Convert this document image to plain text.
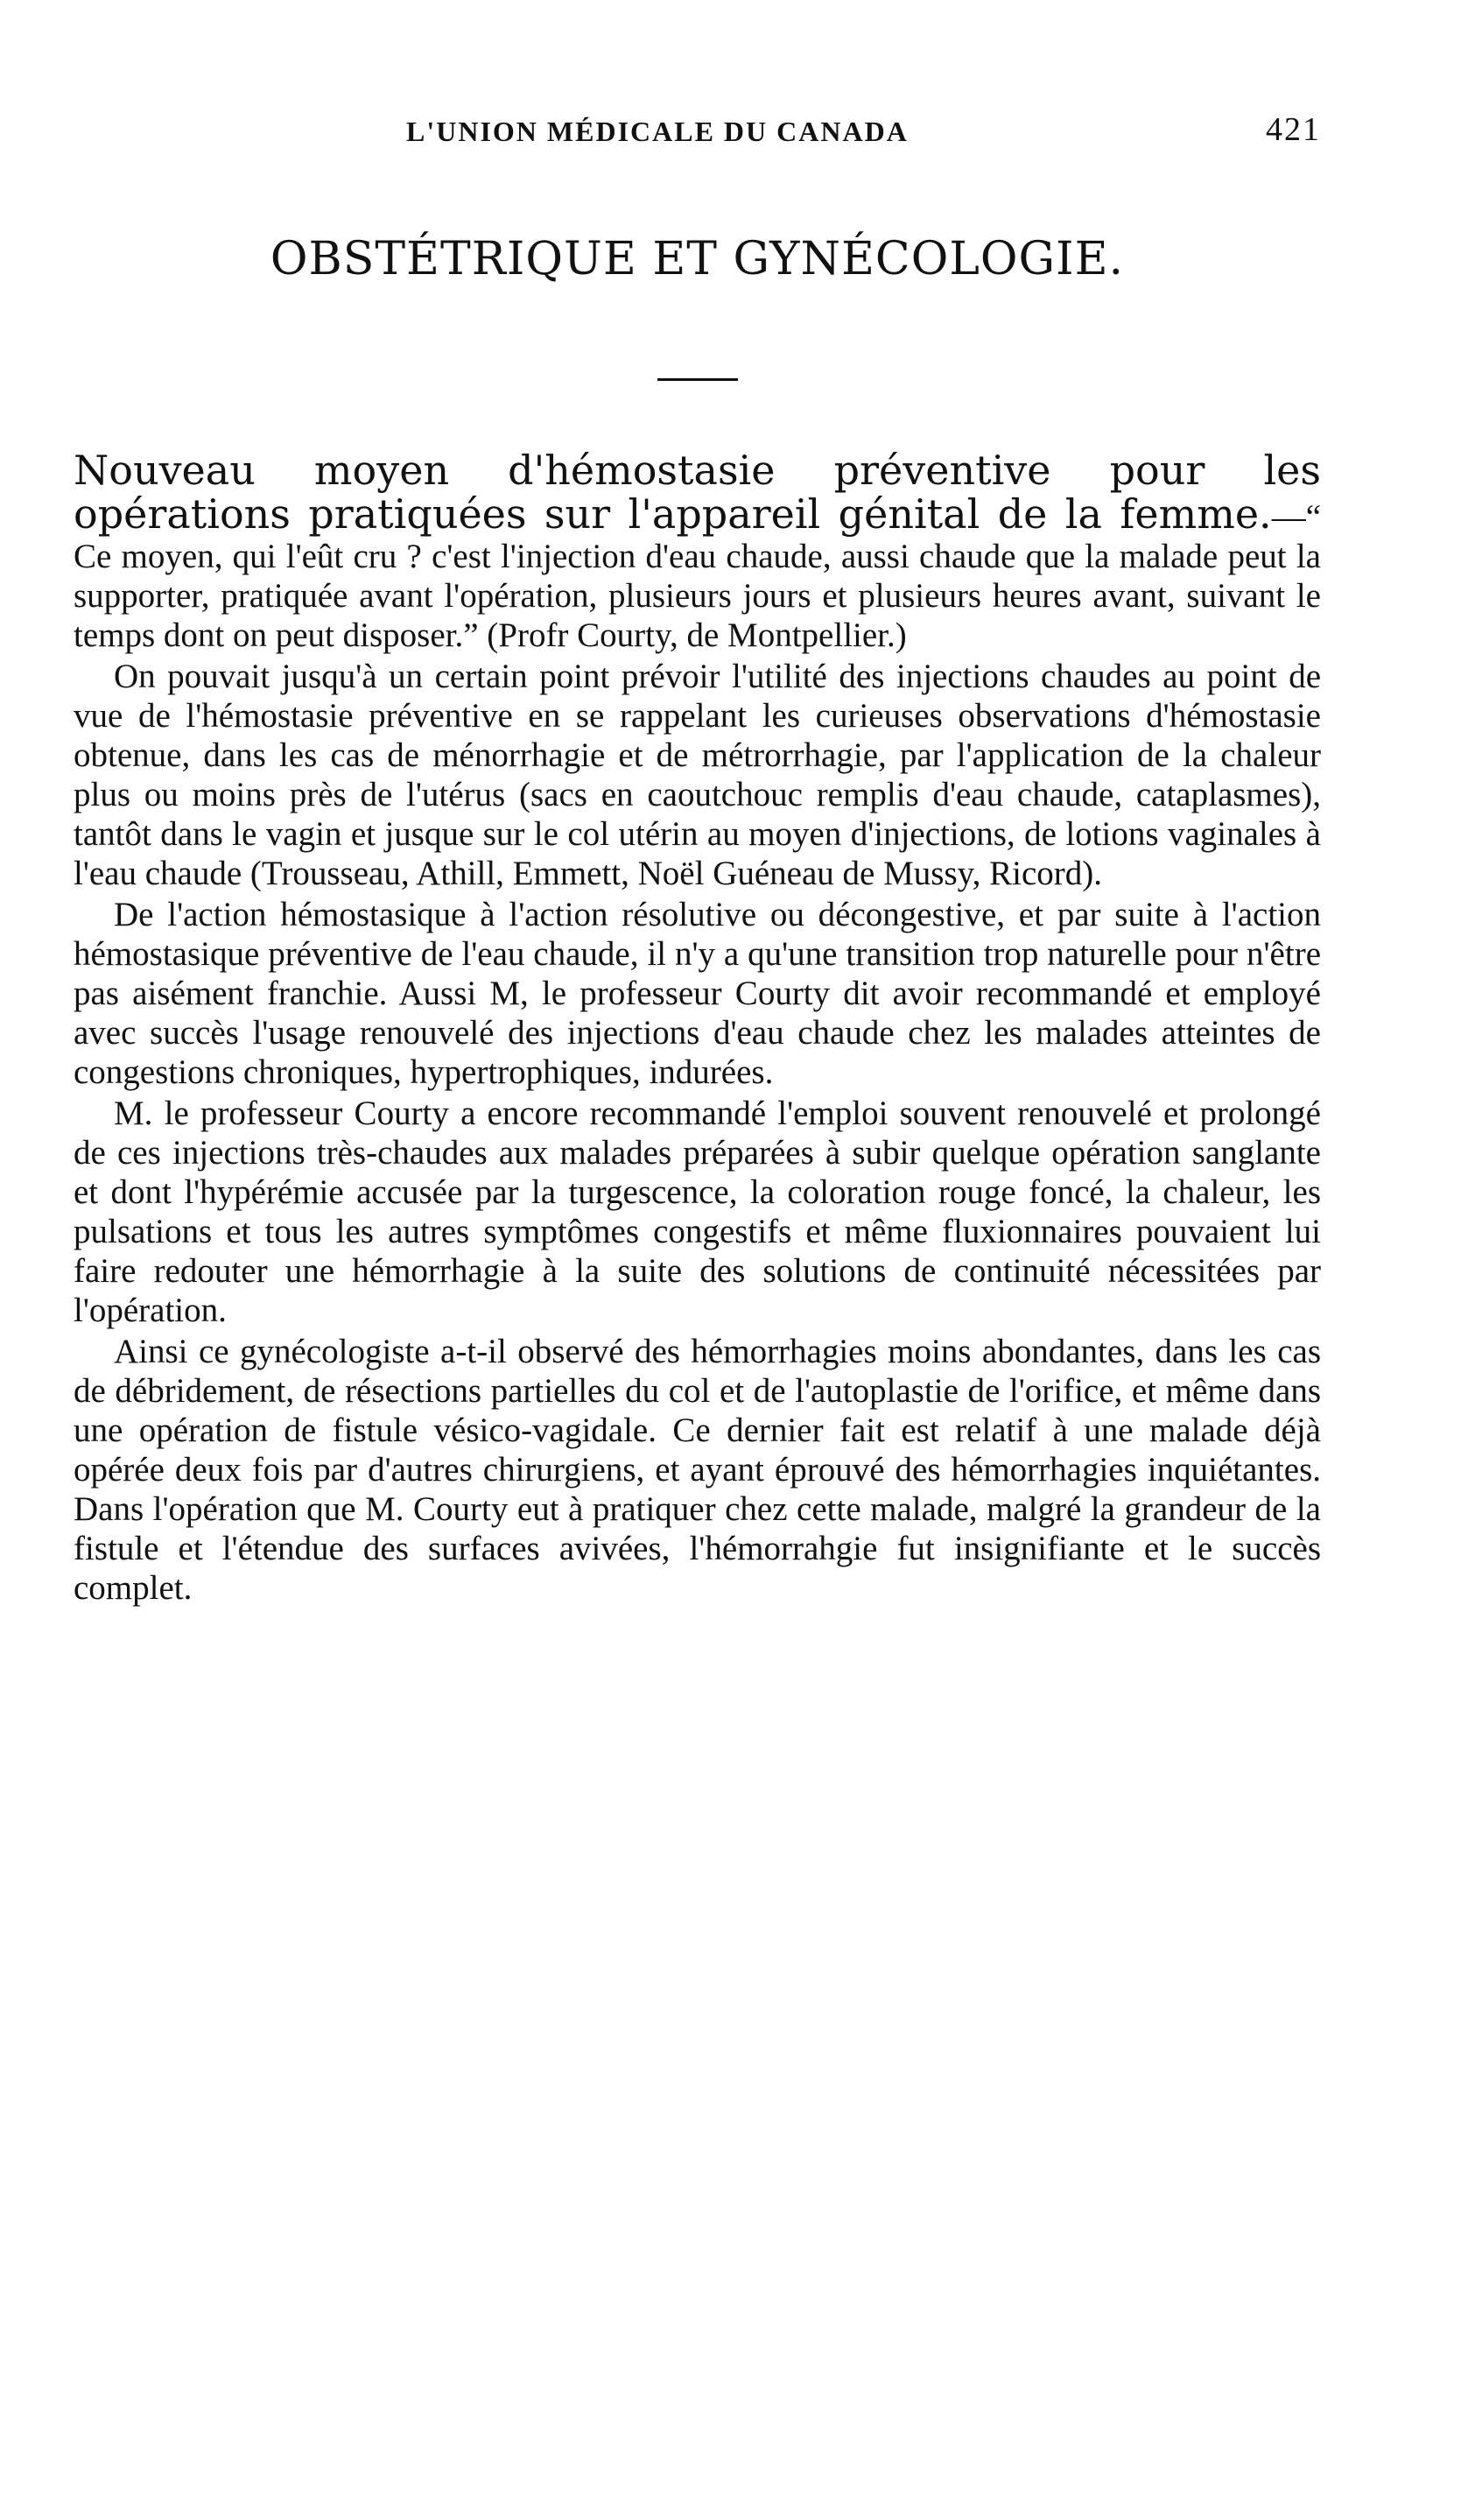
L'UNION MÉDICALE DU CANADA	421
OBSTÉTRIQUE ET GYNÉCOLOGIE.

Nouveau moyen d'hémostasie préventive pour les opérations pratiquées sur l'appareil génital de la femme.—“ Ce moyen, qui l'eût cru ? c'est l'injection d'eau chaude, aussi chaude que la malade peut la supporter, pratiquée avant l'opération, plusieurs jours et plusieurs heures avant, suivant le temps dont on peut disposer.” (Profr Courty, de Montpellier.)

On pouvait jusqu'à un certain point prévoir l'utilité des injections chaudes au point de vue de l'hémostasie préventive en se rappelant les curieuses observations d'hémostasie obtenue, dans les cas de ménorrhagie et de métrorrhagie, par l'application de la chaleur plus ou moins près de l'utérus (sacs en caoutchouc remplis d'eau chaude, cataplasmes), tantôt dans le vagin et jusque sur le col utérin au moyen d'injections, de lotions vaginales à l'eau chaude (Trousseau, Athill, Emmett, Noël Guéneau de Mussy, Ricord).

De l'action hémostasique à l'action résolutive ou décongestive, et par suite à l'action hémostasique préventive de l'eau chaude, il n'y a qu'une transition trop naturelle pour n'être pas aisément franchie. Aussi M, le professeur Courty dit avoir recommandé et employé avec succès l'usage renouvelé des injections d'eau chaude chez les malades atteintes de congestions chroniques, hypertrophiques, indurées.

M. le professeur Courty a encore recommandé l'emploi souvent renouvelé et prolongé de ces injections très-chaudes aux malades préparées à subir quelque opération sanglante et dont l'hypérémie accusée par la turgescence, la coloration rouge foncé, la chaleur, les pulsations et tous les autres symptômes congestifs et même fluxionnaires pouvaient lui faire redouter une hémorrhagie à la suite des solutions de continuité nécessitées par l'opération.

Ainsi ce gynécologiste a-t-il observé des hémorrhagies moins abondantes, dans les cas de débridement, de résections partielles du col et de l'autoplastie de l'orifice, et même dans une opération de fistule vésico-vagidale. Ce dernier fait est relatif à une malade déjà opérée deux fois par d'autres chirurgiens, et ayant éprouvé des hémorrhagies inquiétantes. Dans l'opération que M. Courty eut à pratiquer chez cette malade, malgré la grandeur de la fistule et l'étendue des surfaces avivées, l'hémorrahgie fut insignifiante et le succès complet.
